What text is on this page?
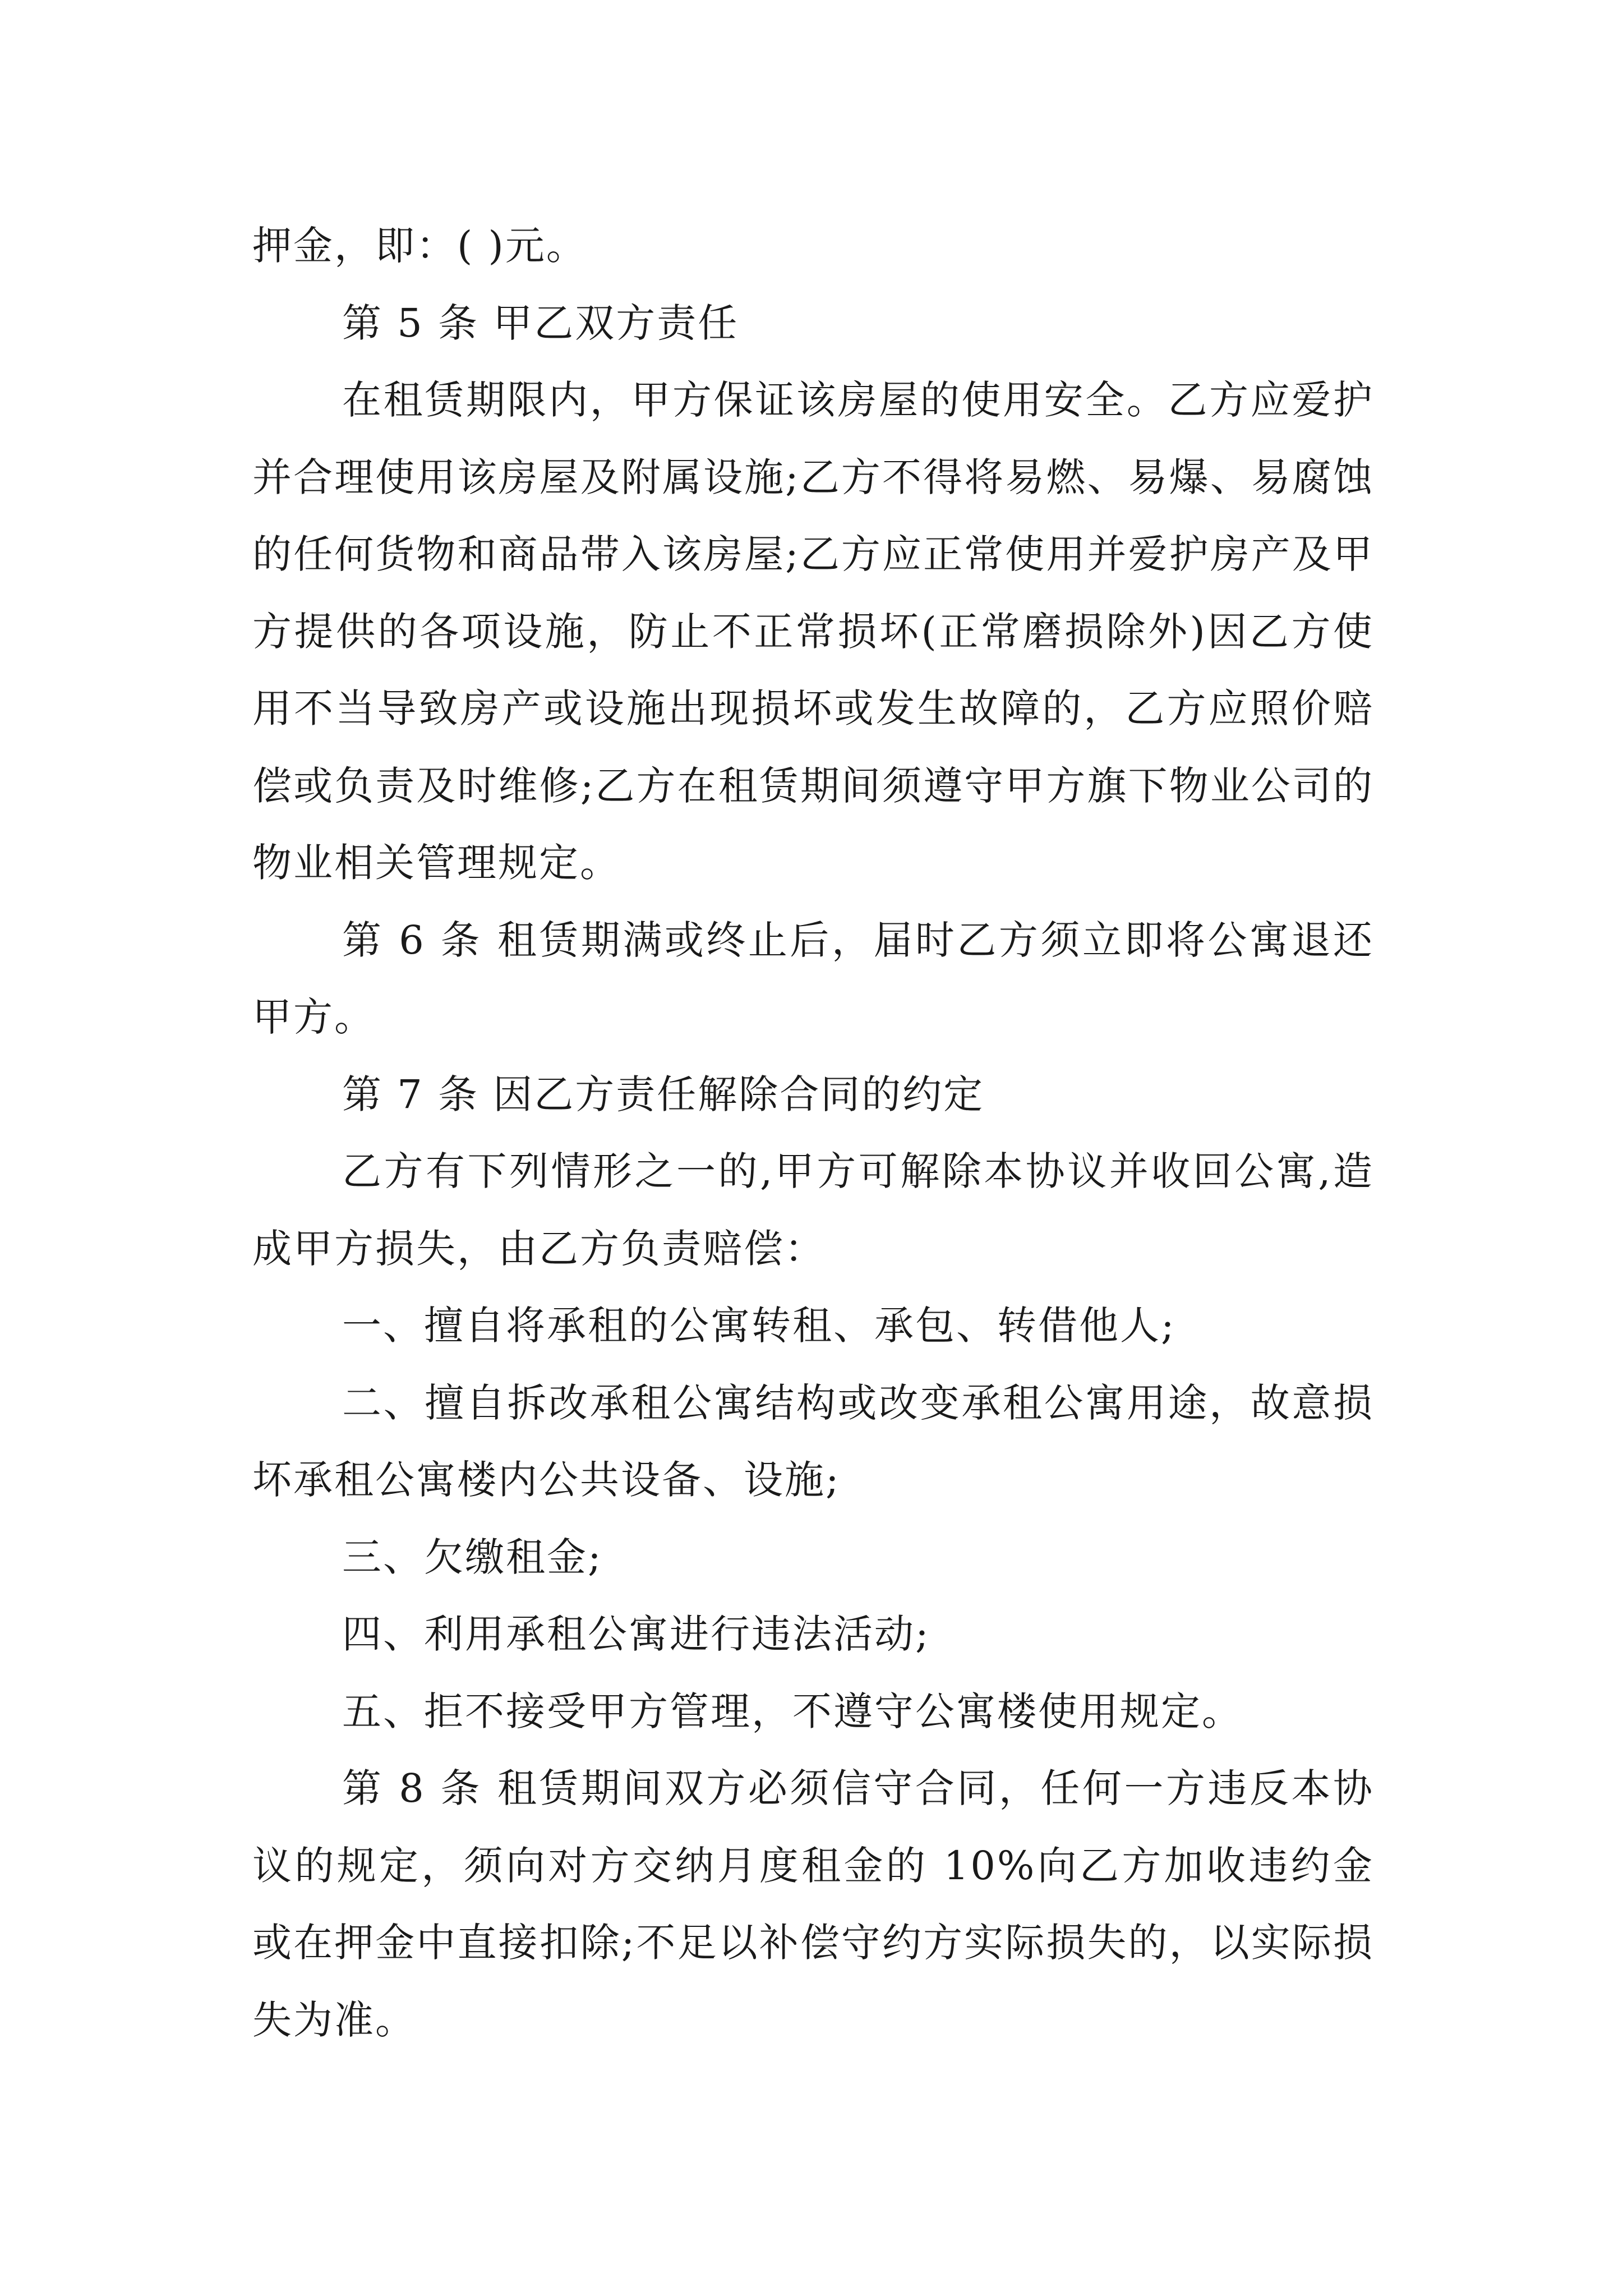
押金，即：( )元。

第 5 条 甲乙双方责任

在租赁期限内，甲方保证该房屋的使用安全。乙方应爱护并合理使用该房屋及附属设施;乙方不得将易燃、易爆、易腐蚀的任何货物和商品带入该房屋;乙方应正常使用并爱护房产及甲方提供的各项设施，防止不正常损坏(正常磨损除外)因乙方使用不当导致房产或设施出现损坏或发生故障的，乙方应照价赔偿或负责及时维修;乙方在租赁期间须遵守甲方旗下物业公司的物业相关管理规定。

第 6 条 租赁期满或终止后，届时乙方须立即将公寓退还甲方。

第 7 条 因乙方责任解除合同的约定

乙方有下列情形之一的,甲方可解除本协议并收回公寓,造成甲方损失，由乙方负责赔偿：

一、擅自将承租的公寓转租、承包、转借他人;

二、擅自拆改承租公寓结构或改变承租公寓用途，故意损坏承租公寓楼内公共设备、设施;

三、欠缴租金;

四、利用承租公寓进行违法活动;

五、拒不接受甲方管理，不遵守公寓楼使用规定。

第 8 条 租赁期间双方必须信守合同，任何一方违反本协议的规定，须向对方交纳月度租金的 10%向乙方加收违约金或在押金中直接扣除;不足以补偿守约方实际损失的，以实际损失为准。
